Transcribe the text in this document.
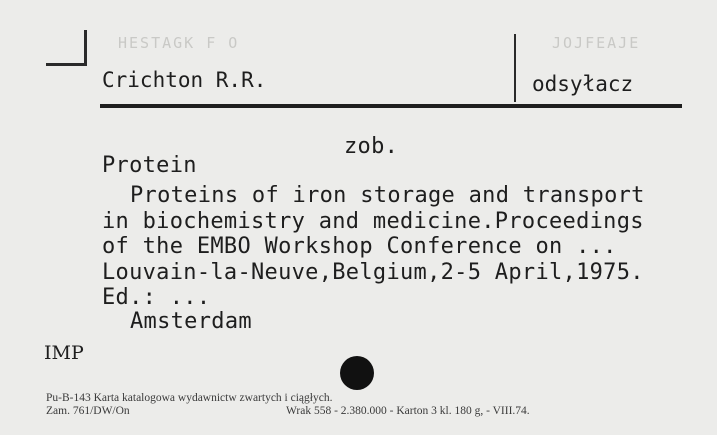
HESTAGK F O	JOJFEAJE
Crichton R.R.	odsyłacz
zob.
Protein
Proteins of iron storage and transport
in biochemistry and medicine.Proceedings
of the EMBO Workshop Conference on ...
Louvain-la-Neuve,Belgium,2-5 April,1975.
Ed.: ...
Amsterdam
IMP
Pu-B-143 Karta katalogowa wydawnictw zwartych i ciągłych.
Zam. 761/DW/On	Wrak 558 - 2.380.000 - Karton 3 kl. 180 g, - VIII.74.
